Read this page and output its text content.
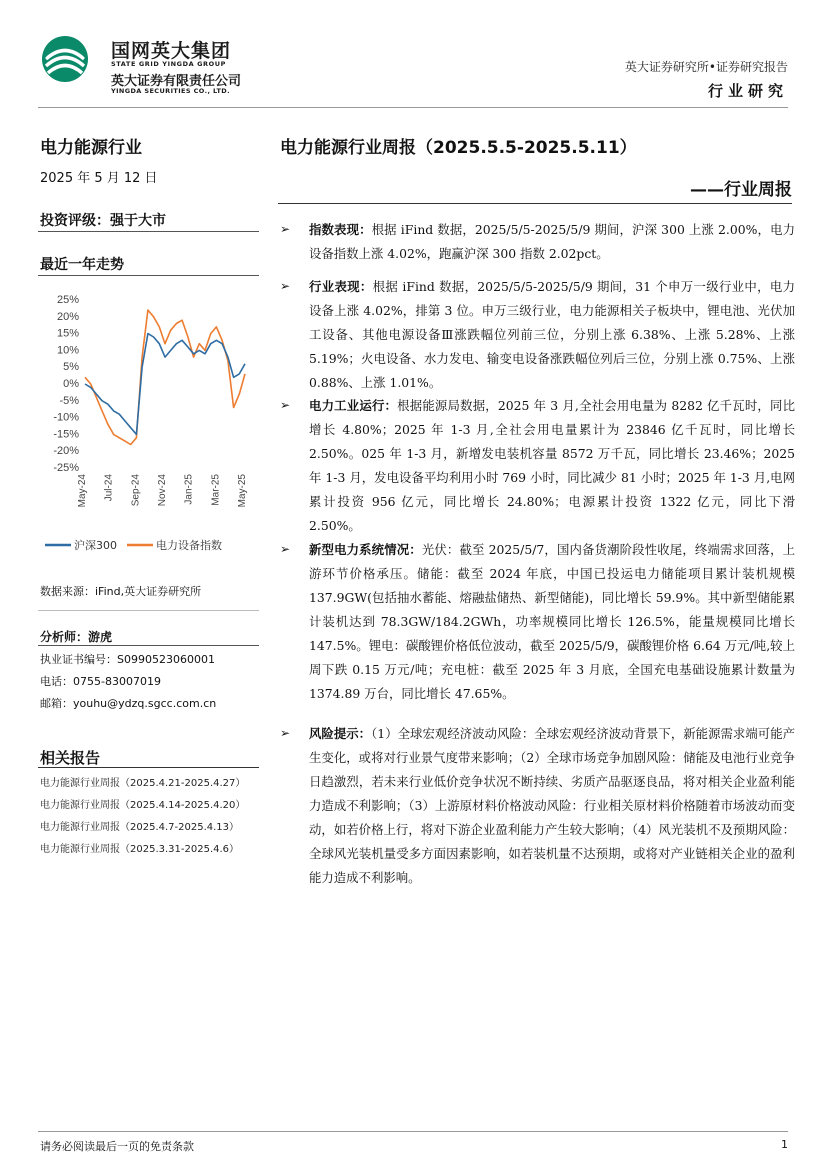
国网英大集团
STATE GRID YINGDA GROUP
英大证券有限责任公司
YINGDA SECURITIES CO., LTD.
英大证券研究所•证券研究报告
行业研究
电力能源行业
2025 年 5 月 12 日
投资评级：强于大市
最近一年走势
25%
20%
15%
10%
5%
0%
-5%
-10%
-15%
-20%
-25%
May-24 Jul-24 Sep-24 Nov-24 Jan-25 Mar-25 May-25
沪深300	电力设备指数
数据来源：iFind,英大证券研究所
分析师：游虎
执业证书编号：S0990523060001
电话：0755-83007019
邮箱：youhu@ydzq.sgcc.com.cn
相关报告
电力能源行业周报（2025.4.21-2025.4.27）
电力能源行业周报（2025.4.14-2025.4.20）
电力能源行业周报（2025.4.7-2025.4.13）
电力能源行业周报（2025.3.31-2025.4.6）
电力能源行业周报（2025.5.5-2025.5.11）
——行业周报
➢	指数表现：根据 iFind 数据，2025/5/5-2025/5/9 期间，沪深 300 上涨 2.00%，电力设备指数上涨 4.02%，跑赢沪深 300 指数 2.02pct。

➢	行业表现：根据 iFind 数据，2025/5/5-2025/5/9 期间，31 个申万一级行业中，电力设备上涨 4.02%，排第 3 位。申万三级行业，电力能源相关子板块中，锂电池、光伏加工设备、其他电源设备Ⅲ涨跌幅位列前三位，分别上涨 6.38%、上涨 5.28%、上涨 5.19%；火电设备、水力发电、输变电设备涨跌幅位列后三位，分别上涨 0.75%、上涨 0.88%、上涨 1.01%。

➢	电力工业运行：根据能源局数据，2025 年 3 月,全社会用电量为 8282 亿千瓦时，同比增长 4.80%；2025 年 1-3 月,全社会用电量累计为 23846 亿千瓦时，同比增长 2.50%。025 年 1-3 月，新增发电装机容量 8572 万千瓦，同比增长 23.46%；2025 年 1-3 月，发电设备平均利用小时 769 小时，同比减少 81 小时；2025 年 1-3 月,电网累计投资 956 亿元，同比增长 24.80%；电源累计投资 1322 亿元，同比下滑 2.50%。

➢	新型电力系统情况：光伏：截至 2025/5/7，国内备货潮阶段性收尾，终端需求回落，上游环节价格承压。储能：截至 2024 年底，中国已投运电力储能项目累计装机规模 137.9GW(包括抽水蓄能、熔融盐储热、新型储能)，同比增长 59.9%。其中新型储能累计装机达到 78.3GW/184.2GWh，功率规模同比增长 126.5%，能量规模同比增长 147.5%。锂电：碳酸锂价格低位波动，截至 2025/5/9，碳酸锂价格 6.64 万元/吨,较上周下跌 0.15 万元/吨；充电桩：截至 2025 年 3 月底，全国充电基础设施累计数量为 1374.89 万台，同比增长 47.65%。

➢	风险提示：（1）全球宏观经济波动风险：全球宏观经济波动背景下，新能源需求端可能产生变化，或将对行业景气度带来影响；（2）全球市场竞争加剧风险：储能及电池行业竞争日趋激烈，若未来行业低价竞争状况不断持续、劣质产品驱逐良品，将对相关企业盈利能力造成不利影响；（3）上游原材料价格波动风险：行业相关原材料价格随着市场波动而变动，如若价格上行，将对下游企业盈利能力产生较大影响；（4）风光装机不及预期风险：全球风光装机量受多方面因素影响，如若装机量不达预期，或将对产业链相关企业的盈利能力造成不利影响。

请务必阅读最后一页的免责条款	1
